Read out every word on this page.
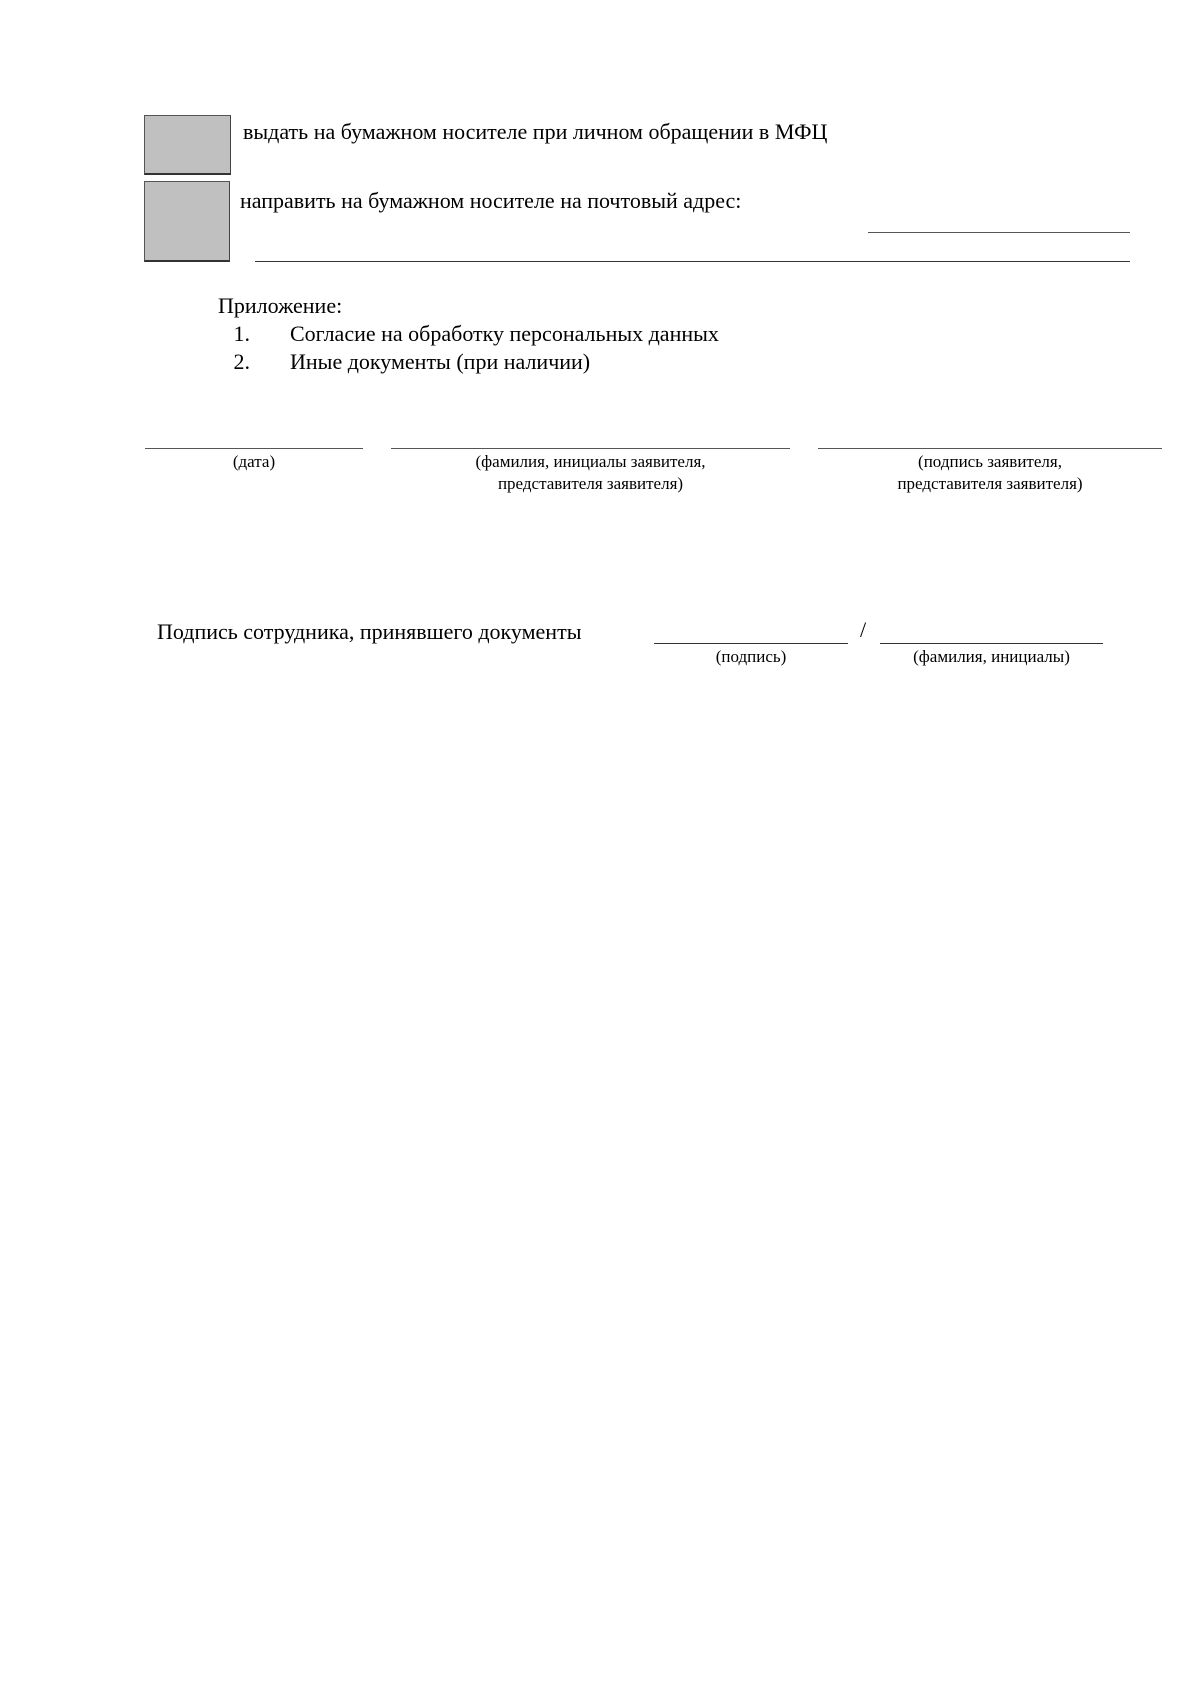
выдать на бумажном носителе при личном обращении в МФЦ
направить на бумажном носителе на почтовый адрес:
Приложение:
1. Согласие на обработку персональных данных
2. Иные документы (при наличии)
(дата)	(фамилия, инициалы заявителя,
представителя заявителя)
(подпись заявителя,
представителя заявителя)
Подпись сотрудника, принявшего документы	/
(подпись)	(фамилия, инициалы)
